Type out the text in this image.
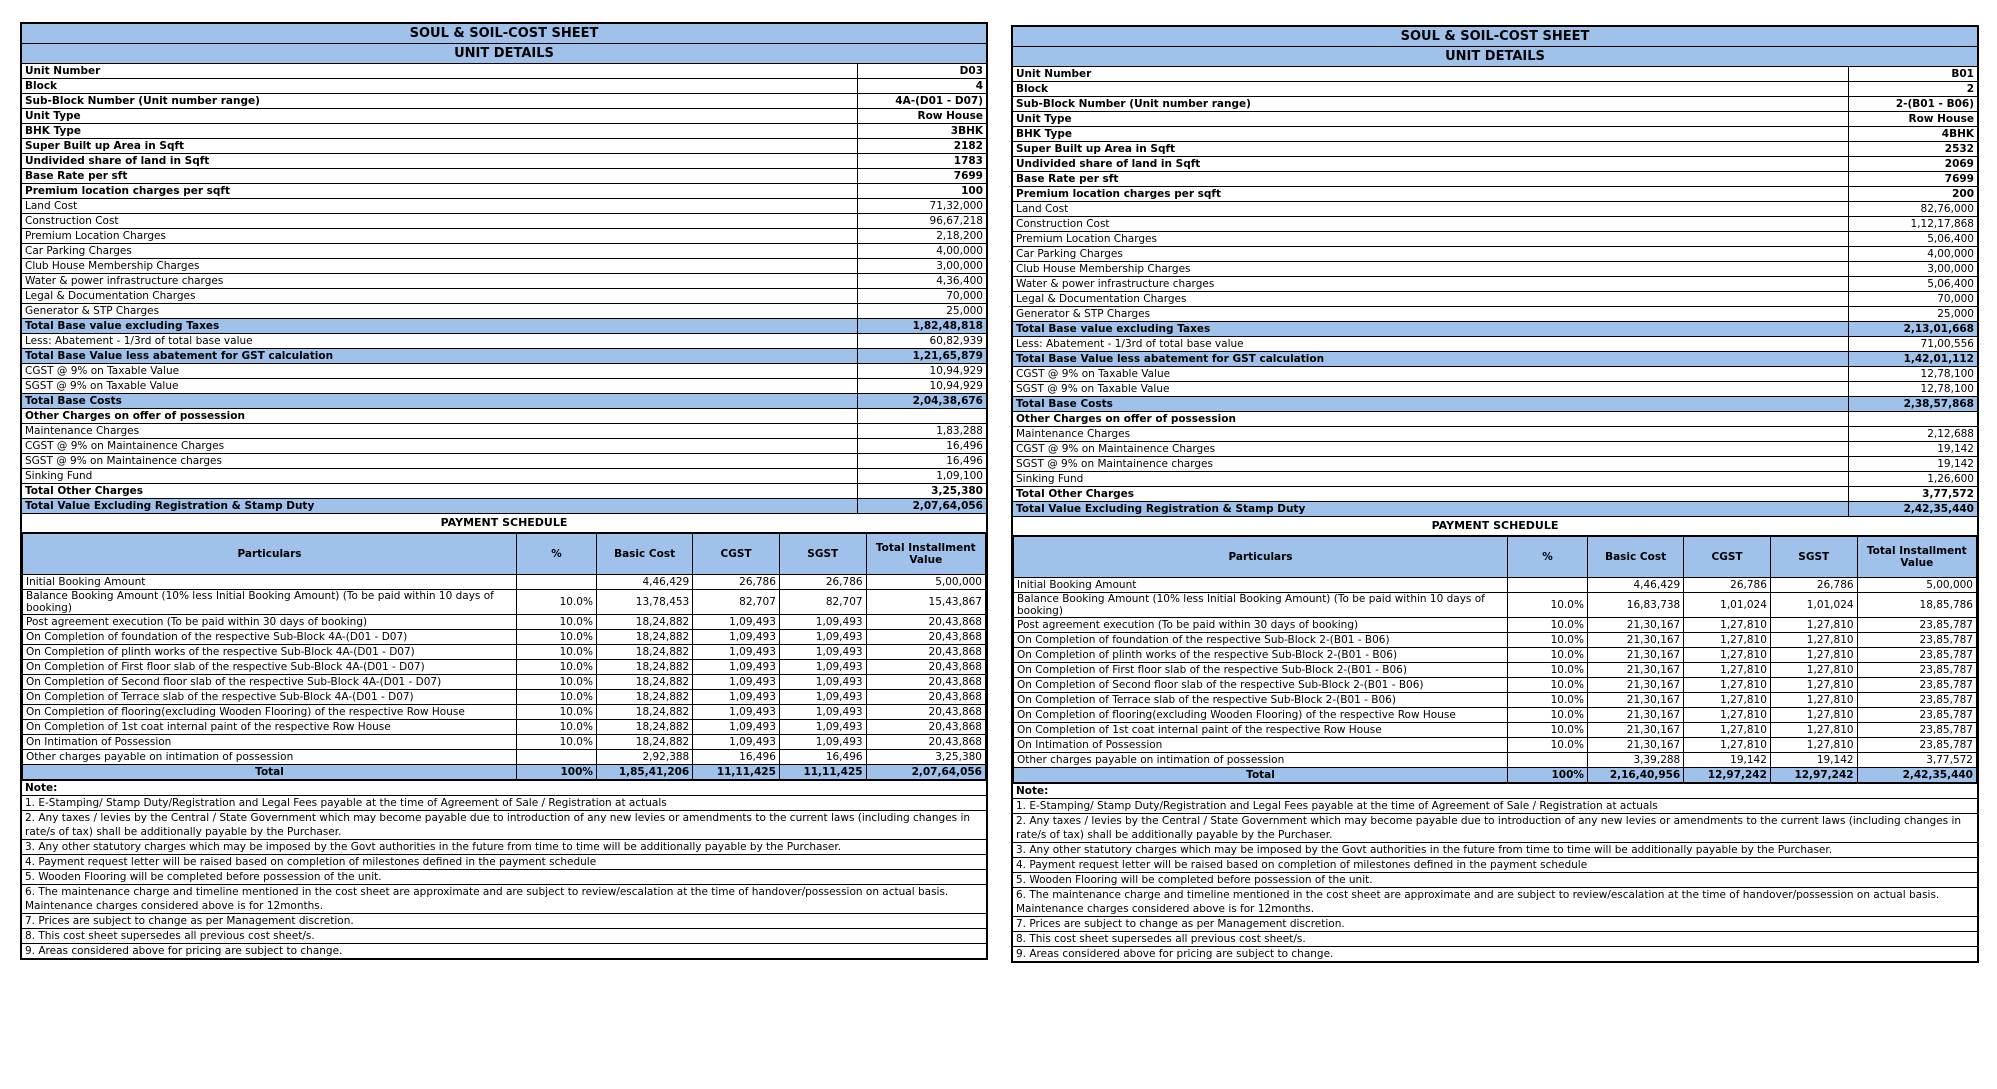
SOUL & SOIL-COST SHEET
UNIT DETAILS
Unit Number	D03
Block	4
Sub-Block Number (Unit number range)	4A-(D01 - D07)
Unit Type	Row House
BHK Type	3BHK
Super Built up Area in Sqft	2182
Undivided share of land in Sqft	1783
Base Rate per sft	7699
Premium location charges per sqft	100
Land Cost	71,32,000
Construction Cost	96,67,218
Premium Location Charges	2,18,200
Car Parking Charges	4,00,000
Club House Membership Charges	3,00,000
Water & power infrastructure charges	4,36,400
Legal & Documentation Charges	70,000
Generator & STP Charges	25,000
Total Base value excluding Taxes	1,82,48,818
Less: Abatement - 1/3rd of total base value	60,82,939
Total Base Value less abatement for GST calculation	1,21,65,879
CGST @ 9% on Taxable Value	10,94,929
SGST @ 9% on Taxable Value	10,94,929
Total Base Costs	2,04,38,676
Other Charges on offer of possession	
Maintenance Charges	1,83,288
CGST @ 9% on Maintainence Charges	16,496
SGST @ 9% on Maintainence charges	16,496
Sinking Fund	1,09,100
Total Other Charges	3,25,380
Total Value Excluding Registration & Stamp Duty	2,07,64,056
PAYMENT SCHEDULE
Particulars	%	Basic Cost	CGST	SGST	Total Installment Value
Initial Booking Amount		4,46,429	26,786	26,786	5,00,000
Balance Booking Amount (10% less Initial Booking Amount) (To be paid within 10 days of booking)	10.0%	13,78,453	82,707	82,707	15,43,867
Post agreement execution (To be paid within 30 days of booking)	10.0%	18,24,882	1,09,493	1,09,493	20,43,868
On Completion of foundation of the respective Sub-Block 4A-(D01 - D07)	10.0%	18,24,882	1,09,493	1,09,493	20,43,868
On Completion of plinth works of the respective Sub-Block 4A-(D01 - D07)	10.0%	18,24,882	1,09,493	1,09,493	20,43,868
On Completion of First floor slab of the respective Sub-Block 4A-(D01 - D07)	10.0%	18,24,882	1,09,493	1,09,493	20,43,868
On Completion of Second floor slab of the respective Sub-Block 4A-(D01 - D07)	10.0%	18,24,882	1,09,493	1,09,493	20,43,868
On Completion of Terrace slab of the respective Sub-Block 4A-(D01 - D07)	10.0%	18,24,882	1,09,493	1,09,493	20,43,868
On Completion of flooring(excluding Wooden Flooring) of the respective Row House	10.0%	18,24,882	1,09,493	1,09,493	20,43,868
On Completion of 1st coat internal paint of the respective Row House	10.0%	18,24,882	1,09,493	1,09,493	20,43,868
On Intimation of Possession	10.0%	18,24,882	1,09,493	1,09,493	20,43,868
Other charges payable on intimation of possession		2,92,388	16,496	16,496	3,25,380
Total	100%	1,85,41,206	11,11,425	11,11,425	2,07,64,056
Note:
1. E-Stamping/ Stamp Duty/Registration and Legal Fees payable at the time of Agreement of Sale / Registration at actuals
2. Any taxes / levies by the Central / State Government which may become payable due to introduction of any new levies or amendments to the current laws (including changes in rate/s of tax) shall be additionally payable by the Purchaser.
3. Any other statutory charges which may be imposed by the Govt authorities in the future from time to time will be additionally payable by the Purchaser.
4. Payment request letter will be raised based on completion of milestones defined in the payment schedule
5. Wooden Flooring will be completed before possession of the unit.
6. The maintenance charge and timeline mentioned in the cost sheet are approximate and are subject to review/escalation at the time of handover/possession on actual basis. Maintenance charges considered above is for 12months.
7. Prices are subject to change as per Management discretion.
8. This cost sheet supersedes all previous cost sheet/s.
9. Areas considered above for pricing are subject to change.
SOUL & SOIL-COST SHEET
UNIT DETAILS
Unit Number	B01
Block	2
Sub-Block Number (Unit number range)	2-(B01 - B06)
Unit Type	Row House
BHK Type	4BHK
Super Built up Area in Sqft	2532
Undivided share of land in Sqft	2069
Base Rate per sft	7699
Premium location charges per sqft	200
Land Cost	82,76,000
Construction Cost	1,12,17,868
Premium Location Charges	5,06,400
Car Parking Charges	4,00,000
Club House Membership Charges	3,00,000
Water & power infrastructure charges	5,06,400
Legal & Documentation Charges	70,000
Generator & STP Charges	25,000
Total Base value excluding Taxes	2,13,01,668
Less: Abatement - 1/3rd of total base value	71,00,556
Total Base Value less abatement for GST calculation	1,42,01,112
CGST @ 9% on Taxable Value	12,78,100
SGST @ 9% on Taxable Value	12,78,100
Total Base Costs	2,38,57,868
Other Charges on offer of possession	
Maintenance Charges	2,12,688
CGST @ 9% on Maintainence Charges	19,142
SGST @ 9% on Maintainence charges	19,142
Sinking Fund	1,26,600
Total Other Charges	3,77,572
Total Value Excluding Registration & Stamp Duty	2,42,35,440
PAYMENT SCHEDULE
Particulars	%	Basic Cost	CGST	SGST	Total Installment Value
Initial Booking Amount		4,46,429	26,786	26,786	5,00,000
Balance Booking Amount (10% less Initial Booking Amount) (To be paid within 10 days of booking)	10.0%	16,83,738	1,01,024	1,01,024	18,85,786
Post agreement execution (To be paid within 30 days of booking)	10.0%	21,30,167	1,27,810	1,27,810	23,85,787
On Completion of foundation of the respective Sub-Block 2-(B01 - B06)	10.0%	21,30,167	1,27,810	1,27,810	23,85,787
On Completion of plinth works of the respective Sub-Block 2-(B01 - B06)	10.0%	21,30,167	1,27,810	1,27,810	23,85,787
On Completion of First floor slab of the respective Sub-Block 2-(B01 - B06)	10.0%	21,30,167	1,27,810	1,27,810	23,85,787
On Completion of Second floor slab of the respective Sub-Block 2-(B01 - B06)	10.0%	21,30,167	1,27,810	1,27,810	23,85,787
On Completion of Terrace slab of the respective Sub-Block 2-(B01 - B06)	10.0%	21,30,167	1,27,810	1,27,810	23,85,787
On Completion of flooring(excluding Wooden Flooring) of the respective Row House	10.0%	21,30,167	1,27,810	1,27,810	23,85,787
On Completion of 1st coat internal paint of the respective Row House	10.0%	21,30,167	1,27,810	1,27,810	23,85,787
On Intimation of Possession	10.0%	21,30,167	1,27,810	1,27,810	23,85,787
Other charges payable on intimation of possession		3,39,288	19,142	19,142	3,77,572
Total	100%	2,16,40,956	12,97,242	12,97,242	2,42,35,440
Note:
1. E-Stamping/ Stamp Duty/Registration and Legal Fees payable at the time of Agreement of Sale / Registration at actuals
2. Any taxes / levies by the Central / State Government which may become payable due to introduction of any new levies or amendments to the current laws (including changes in rate/s of tax) shall be additionally payable by the Purchaser.
3. Any other statutory charges which may be imposed by the Govt authorities in the future from time to time will be additionally payable by the Purchaser.
4. Payment request letter will be raised based on completion of milestones defined in the payment schedule
5. Wooden Flooring will be completed before possession of the unit.
6. The maintenance charge and timeline mentioned in the cost sheet are approximate and are subject to review/escalation at the time of handover/possession on actual basis. Maintenance charges considered above is for 12months.
7. Prices are subject to change as per Management discretion.
8. This cost sheet supersedes all previous cost sheet/s.
9. Areas considered above for pricing are subject to change.
